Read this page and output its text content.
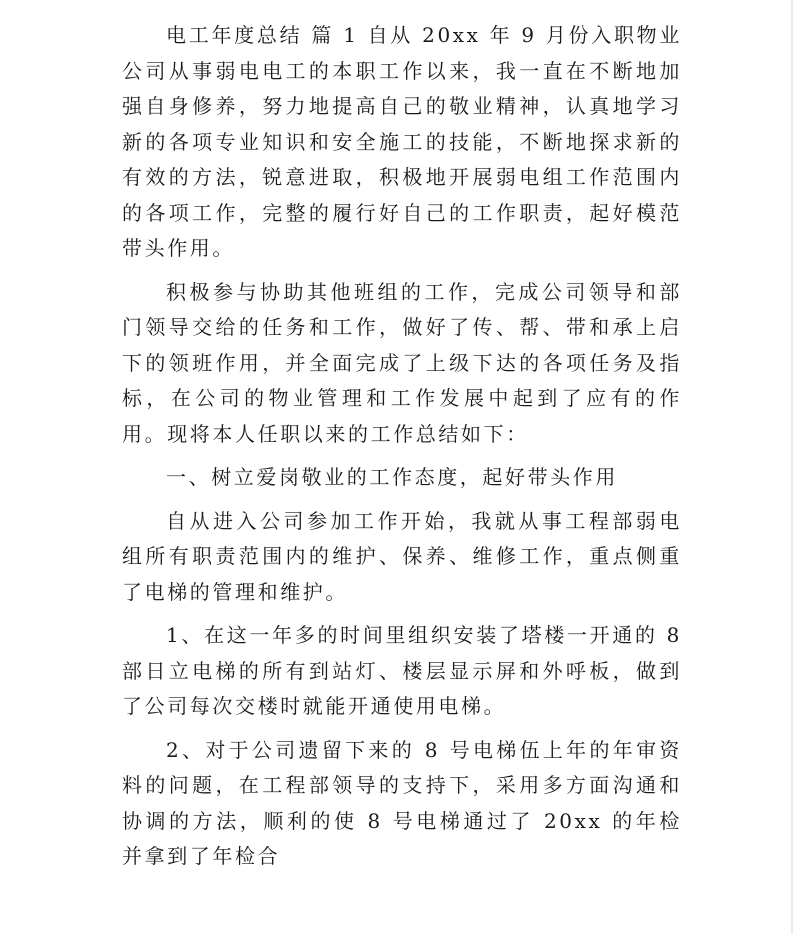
电工年度总结 篇 1 自从 20xx 年 9 月份入职物业公司从事弱电电工的本职工作以来，我一直在不断地加强自身修养，努力地提高自己的敬业精神，认真地学习新的各项专业知识和安全施工的技能，不断地探求新的有效的方法，锐意进取，积极地开展弱电组工作范围内的各项工作，完整的履行好自己的工作职责，起好模范带头作用。

积极参与协助其他班组的工作，完成公司领导和部门领导交给的任务和工作，做好了传、帮、带和承上启下的领班作用，并全面完成了上级下达的各项任务及指标，在公司的物业管理和工作发展中起到了应有的作用。现将本人任职以来的工作总结如下：

一、树立爱岗敬业的工作态度，起好带头作用

自从进入公司参加工作开始，我就从事工程部弱电组所有职责范围内的维护、保养、维修工作，重点侧重了电梯的管理和维护。

1、在这一年多的时间里组织安装了塔楼一开通的 8 部日立电梯的所有到站灯、楼层显示屏和外呼板，做到了公司每次交楼时就能开通使用电梯。

2、对于公司遗留下来的 8 号电梯伍上年的年审资料的问题，在工程部领导的支持下，采用多方面沟通和协调的方法，顺利的使 8 号电梯通过了 20xx 的年检并拿到了年检合
